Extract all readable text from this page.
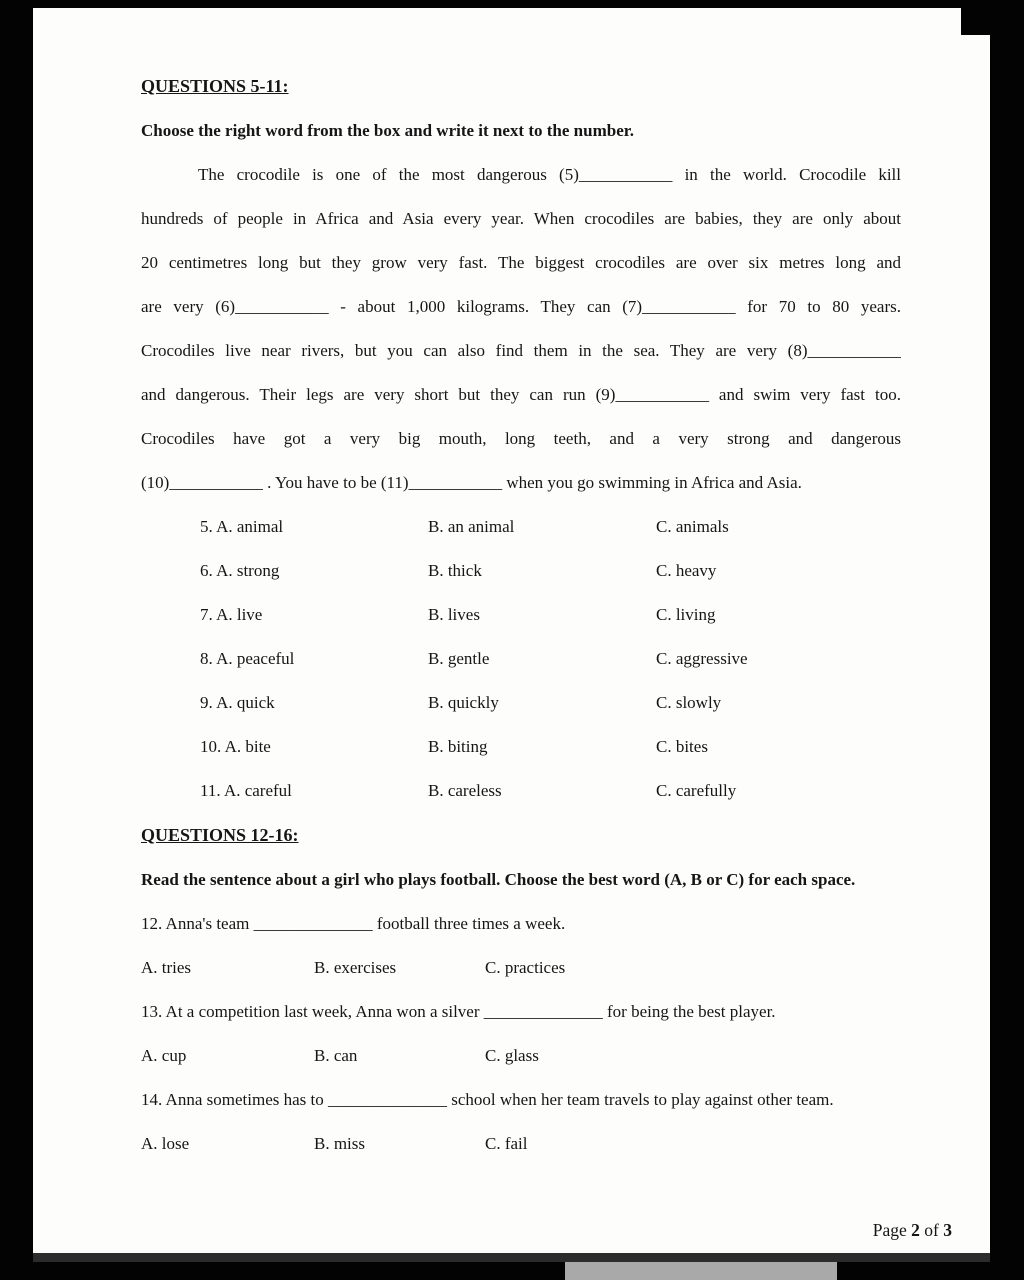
QUESTIONS 5-11:
Choose the right word from the box and write it next to the number.
The crocodile is one of the most dangerous (5)___________ in the world. Crocodile kill
hundreds of people in Africa and Asia every year. When crocodiles are babies, they are only about
20 centimetres long but they grow very fast. The biggest crocodiles are over six metres long and
are very (6)___________ - about 1,000 kilograms. They can (7)___________ for 70 to 80 years.
Crocodiles live near rivers, but you can also find them in the sea. They are very (8)___________
and dangerous. Their legs are very short but they can run (9)___________ and swim very fast too.
Crocodiles have got a very big mouth, long teeth, and a very strong and dangerous
(10)___________ . You have to be (11)___________ when you go swimming in Africa and Asia.
5. A. animal	B. an animal	C. animals
6. A. strong	B. thick	C. heavy
7. A. live	B. lives	C. living
8. A. peaceful	B. gentle	C. aggressive
9. A. quick	B. quickly	C. slowly
10. A. bite	B. biting	C. bites
11. A. careful	B. careless	C. carefully
QUESTIONS 12-16:
Read the sentence about a girl who plays football. Choose the best word (A, B or C) for each space.
12. Anna's team ______________ football three times a week.
A. tries	B. exercises	C. practices
13. At a competition last week, Anna won a silver ______________ for being the best player.
A. cup	B. can	C. glass
14. Anna sometimes has to ______________ school when her team travels to play against other team.
A. lose	B. miss	C. fail
Page 2 of 3
